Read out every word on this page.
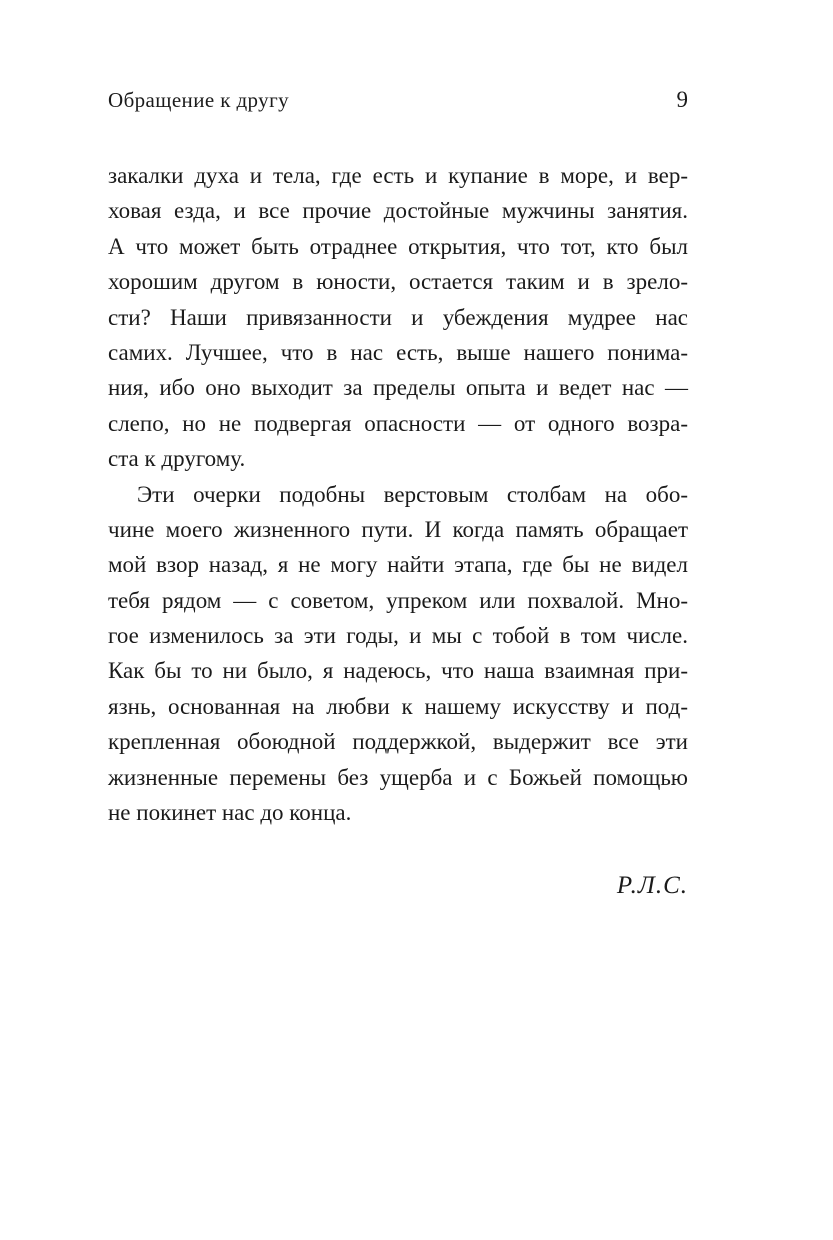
Обращение к другу	9
закалки духа и тела, где есть и купание в море, и вер-
ховая езда, и все прочие достойные мужчины занятия.
А что может быть отраднее открытия, что тот, кто был
хорошим другом в юности, остается таким и в зрело-
сти? Наши привязанности и убеждения мудрее нас
самих. Лучшее, что в нас есть, выше нашего понима-
ния, ибо оно выходит за пределы опыта и ведет нас —
слепо, но не подвергая опасности — от одного возра-
ста к другому.
Эти очерки подобны верстовым столбам на обо-
чине моего жизненного пути. И когда память обращает
мой взор назад, я не могу найти этапа, где бы не видел
тебя рядом — с советом, упреком или похвалой. Мно-
гое изменилось за эти годы, и мы с тобой в том числе.
Как бы то ни было, я надеюсь, что наша взаимная при-
язнь, основанная на любви к нашему искусству и под-
крепленная обоюдной поддержкой, выдержит все эти
жизненные перемены без ущерба и с Божьей помощью
не покинет нас до конца.
Р.Л.С.
